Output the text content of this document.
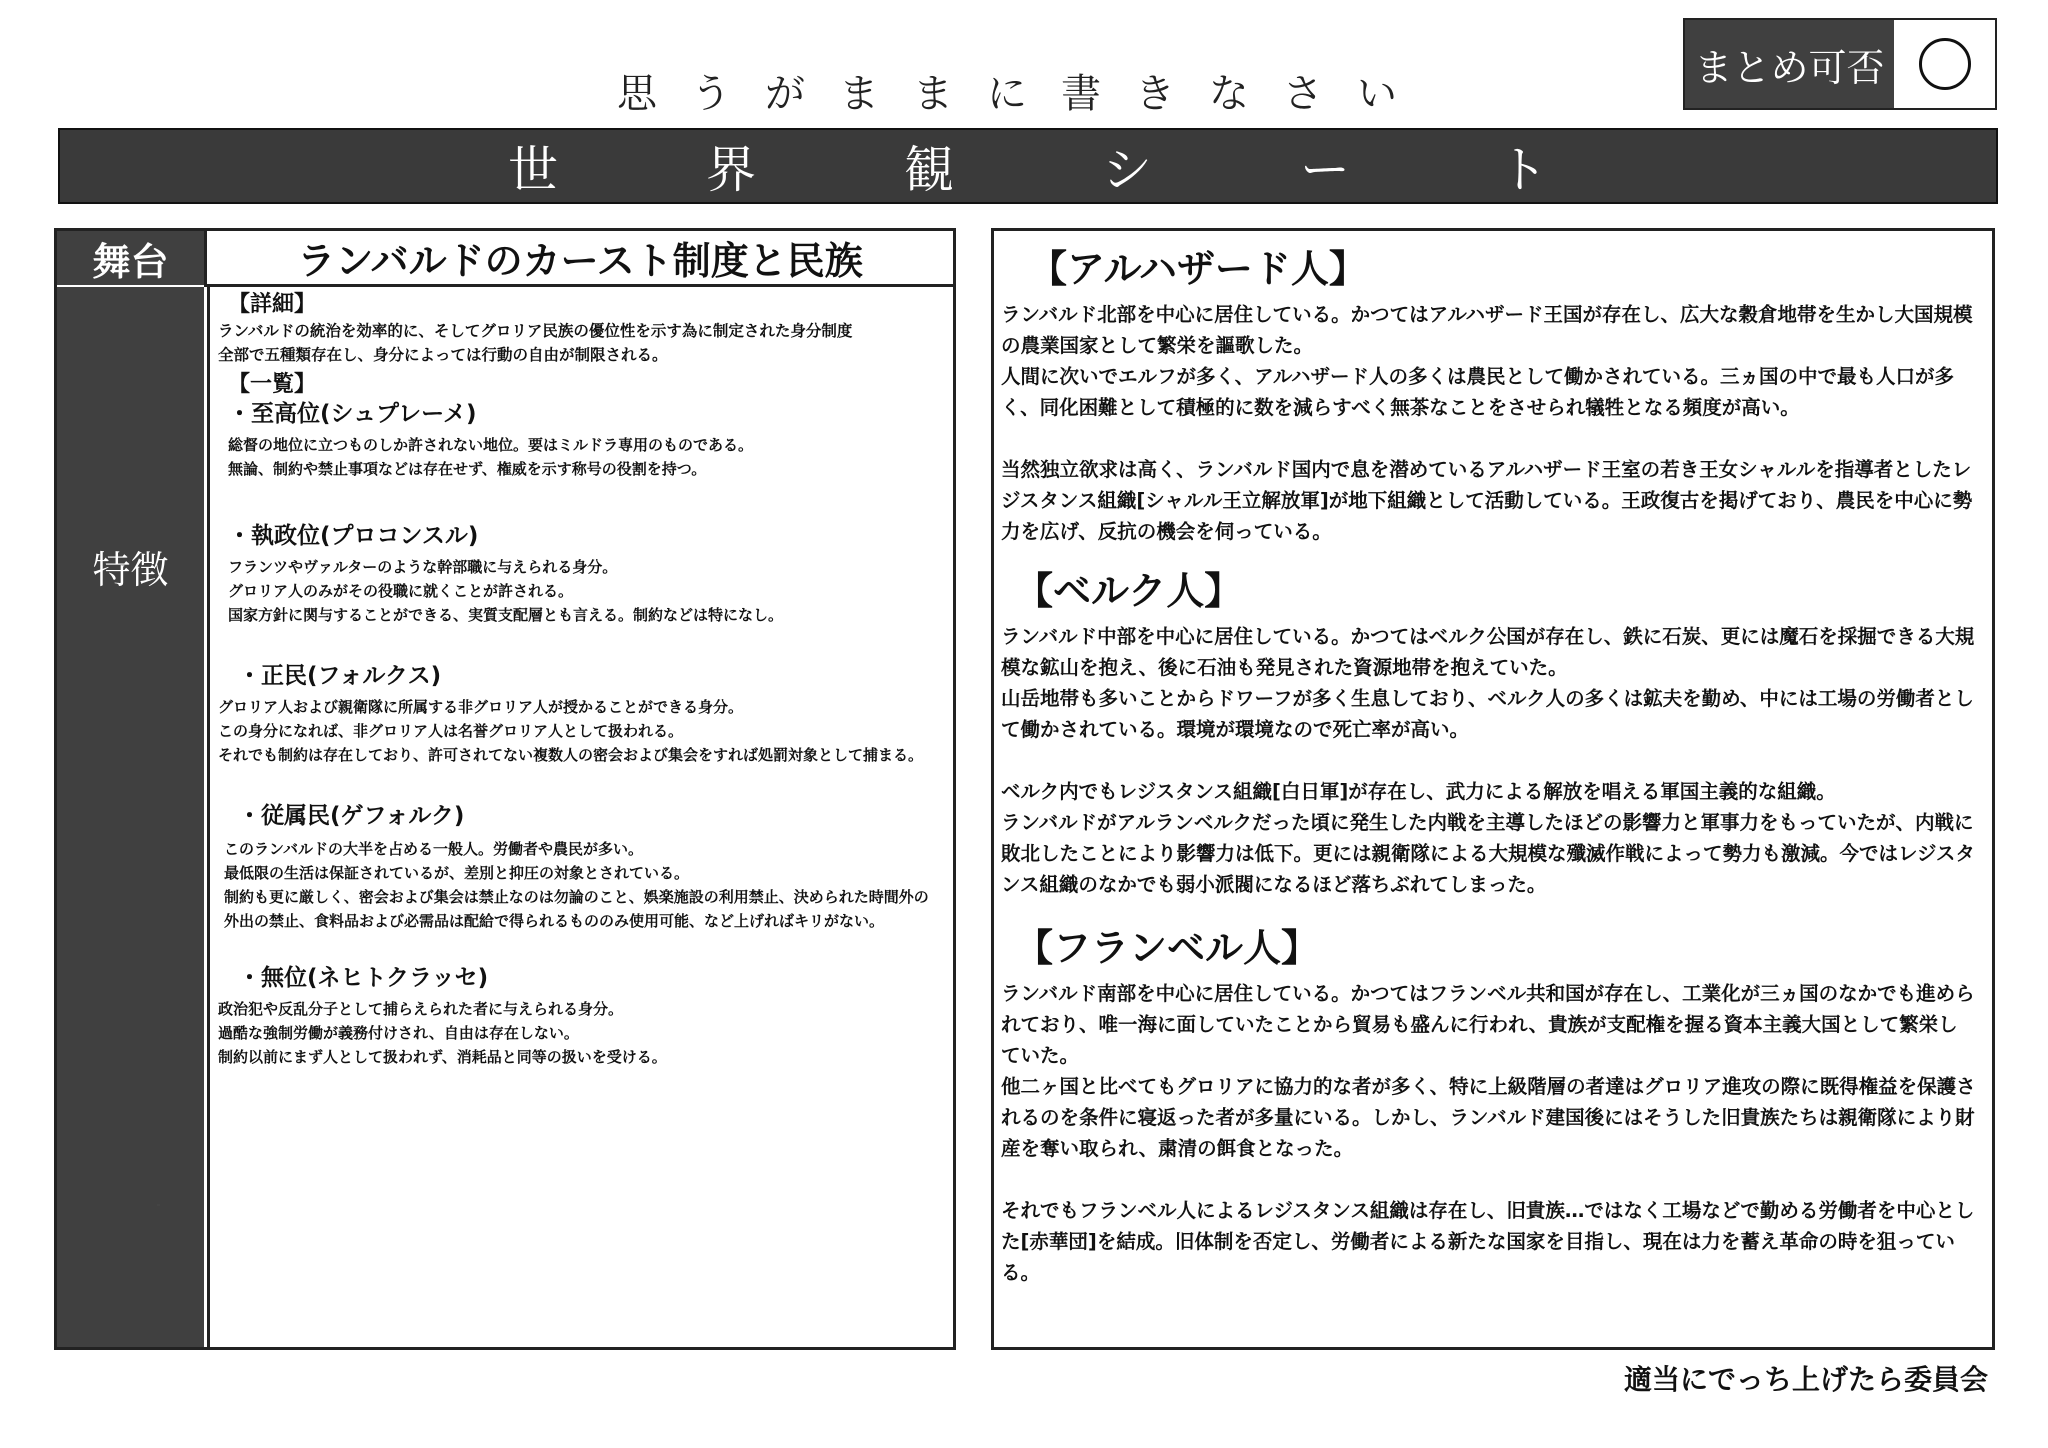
思うがままに書きなさい
まとめ可否
世界観シート
舞台
特徴
ランバルドのカースト制度と民族
【詳細】
ランバルドの統治を効率的に、そしてグロリア民族の優位性を示す為に制定された身分制度
全部で五種類存在し、身分によっては行動の自由が制限される。
【一覧】
・至高位(シュプレーメ)
総督の地位に立つものしか許されない地位。要はミルドラ専用のものである。
無論、制約や禁止事項などは存在せず、権威を示す称号の役割を持つ。
・執政位(プロコンスル)
フランツやヴァルターのような幹部職に与えられる身分。
グロリア人のみがその役職に就くことが許される。
国家方針に関与することができる、実質支配層とも言える。制約などは特になし。
・正民(フォルクス)
グロリア人および親衛隊に所属する非グロリア人が授かることができる身分。
この身分になれば、非グロリア人は名誉グロリア人として扱われる。
それでも制約は存在しており、許可されてない複数人の密会および集会をすれば処罰対象として捕まる。
・従属民(ゲフォルク)
このランバルドの大半を占める一般人。労働者や農民が多い。
最低限の生活は保証されているが、差別と抑圧の対象とされている。
制約も更に厳しく、密会および集会は禁止なのは勿論のこと、娯楽施設の利用禁止、決められた時間外の外出の禁止、食料品および必需品は配給で得られるもののみ使用可能、など上げればキリがない。
・無位(ネヒトクラッセ)
政治犯や反乱分子として捕らえられた者に与えられる身分。
過酷な強制労働が義務付けされ、自由は存在しない。
制約以前にまず人として扱われず、消耗品と同等の扱いを受ける。
【アルハザード人】
ランバルド北部を中心に居住している。かつてはアルハザード王国が存在し、広大な穀倉地帯を生かし大国規模の農業国家として繁栄を謳歌した。
人間に次いでエルフが多く、アルハザード人の多くは農民として働かされている。三ヵ国の中で最も人口が多く、同化困難として積極的に数を減らすべく無茶なことをさせられ犠牲となる頻度が高い。
当然独立欲求は高く、ランバルド国内で息を潜めているアルハザード王室の若き王女シャルルを指導者としたレジスタンス組織[シャルル王立解放軍]が地下組織として活動している。王政復古を掲げており、農民を中心に勢力を広げ、反抗の機会を伺っている。
【ベルク人】
ランバルド中部を中心に居住している。かつてはベルク公国が存在し、鉄に石炭、更には魔石を採掘できる大規模な鉱山を抱え、後に石油も発見された資源地帯を抱えていた。
山岳地帯も多いことからドワーフが多く生息しており、ベルク人の多くは鉱夫を勤め、中には工場の労働者として働かされている。環境が環境なので死亡率が高い。
ベルク内でもレジスタンス組織[白日軍]が存在し、武力による解放を唱える軍国主義的な組織。
ランバルドがアルランベルクだった頃に発生した内戦を主導したほどの影響力と軍事力をもっていたが、内戦に敗北したことにより影響力は低下。更には親衛隊による大規模な殲滅作戦によって勢力も激減。今ではレジスタンス組織のなかでも弱小派閥になるほど落ちぶれてしまった。
【フランベル人】
ランバルド南部を中心に居住している。かつてはフランベル共和国が存在し、工業化が三ヵ国のなかでも進められており、唯一海に面していたことから貿易も盛んに行われ、貴族が支配権を握る資本主義大国として繁栄していた。
他二ヶ国と比べてもグロリアに協力的な者が多く、特に上級階層の者達はグロリア進攻の際に既得権益を保護されるのを条件に寝返った者が多量にいる。しかし、ランバルド建国後にはそうした旧貴族たちは親衛隊により財産を奪い取られ、粛清の餌食となった。
それでもフランベル人によるレジスタンス組織は存在し、旧貴族…ではなく工場などで勤める労働者を中心とした[赤華団]を結成。旧体制を否定し、労働者による新たな国家を目指し、現在は力を蓄え革命の時を狙っている。
適当にでっち上げたら委員会
